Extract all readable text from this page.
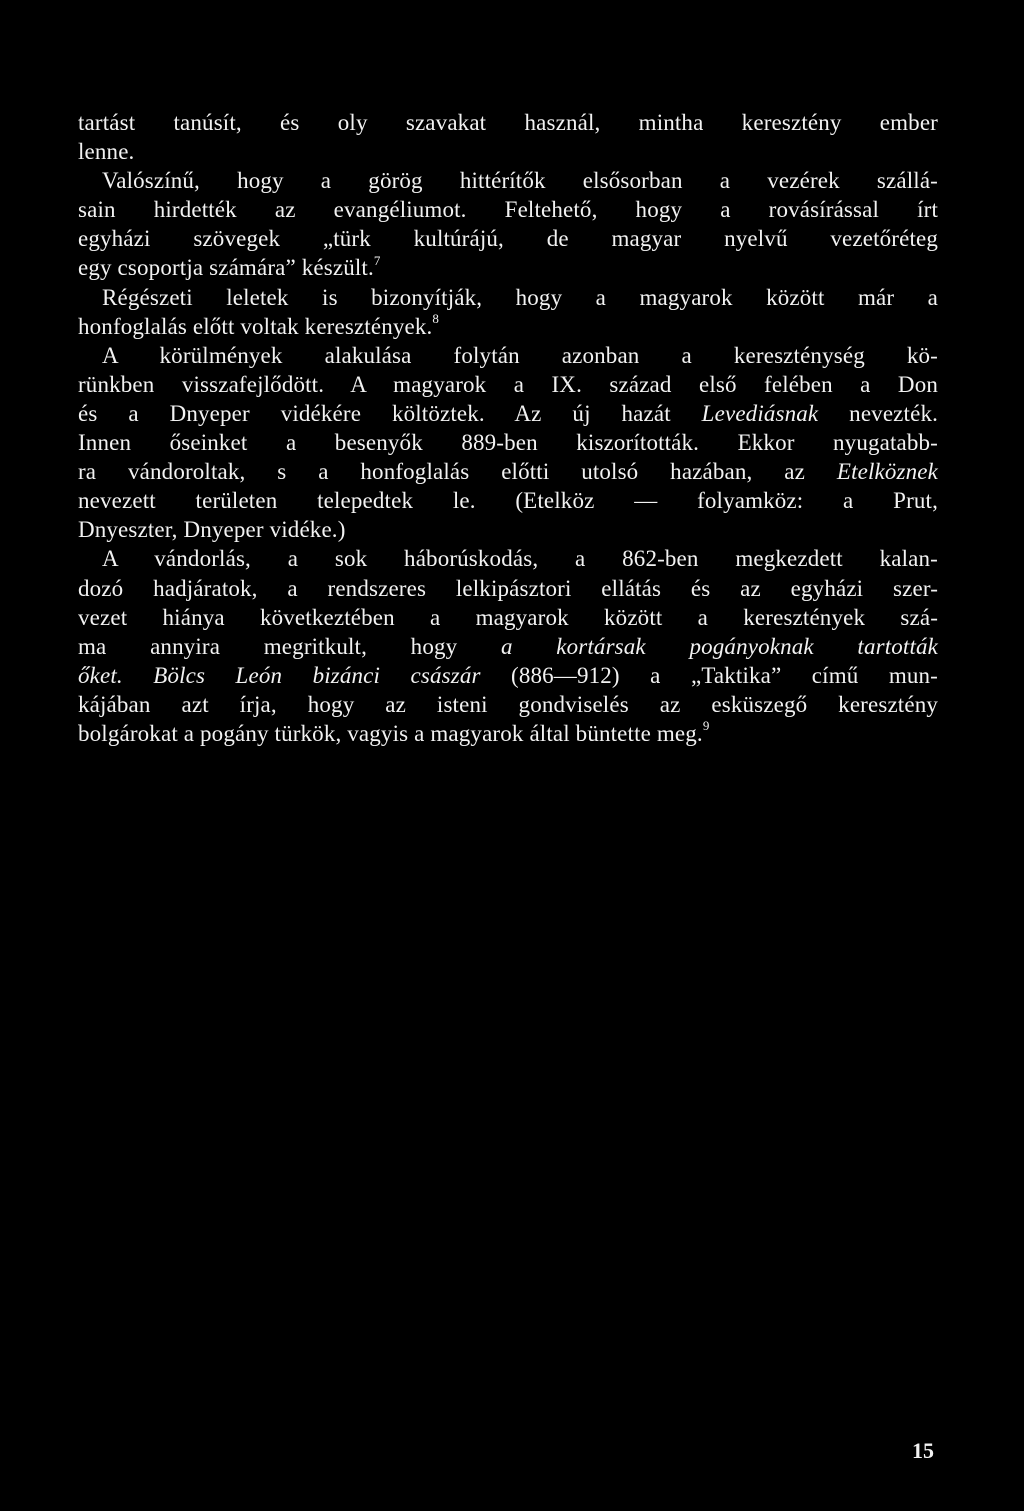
tartást tanúsít, és oly szavakat használ, mintha keresztény ember
lenne.
Valószínű, hogy a görög hittérítők elsősorban a vezérek szállá-
sain hirdették az evangéliumot. Feltehető, hogy a rovásírással írt
egyházi szövegek „türk kultúrájú, de magyar nyelvű vezetőréteg
egy csoportja számára” készült.$^7$
Régészeti leletek is bizonyítják, hogy a magyarok között már a
honfoglalás előtt voltak keresztények.$^8$
A körülmények alakulása folytán azonban a kereszténység kö-
rünkben visszafejlődött. A magyarok a IX. század első felében a Don
és a Dnyeper vidékére költöztek. Az új hazát Levediásnak nevezték.
Innen őseinket a besenyők 889-ben kiszorították. Ekkor nyugatabb-
ra vándoroltak, s a honfoglalás előtti utolsó hazában, az Etelköznek
nevezett területen telepedtek le. (Etelköz — folyamköz: a Prut,
Dnyeszter, Dnyeper vidéke.)
A vándorlás, a sok háborúskodás, a 862-ben megkezdett kalan-
dozó hadjáratok, a rendszeres lelkipásztori ellátás és az egyházi szer-
vezet hiánya következtében a magyarok között a keresztények szá-
ma annyira megritkult, hogy a kortársak pogányoknak tartották
őket. Bölcs León bizánci császár (886—912) a „Taktika” című mun-
kájában azt írja, hogy az isteni gondviselés az esküszegő keresztény
bolgárokat a pogány türkök, vagyis a magyarok által büntette meg.$^9$
15
